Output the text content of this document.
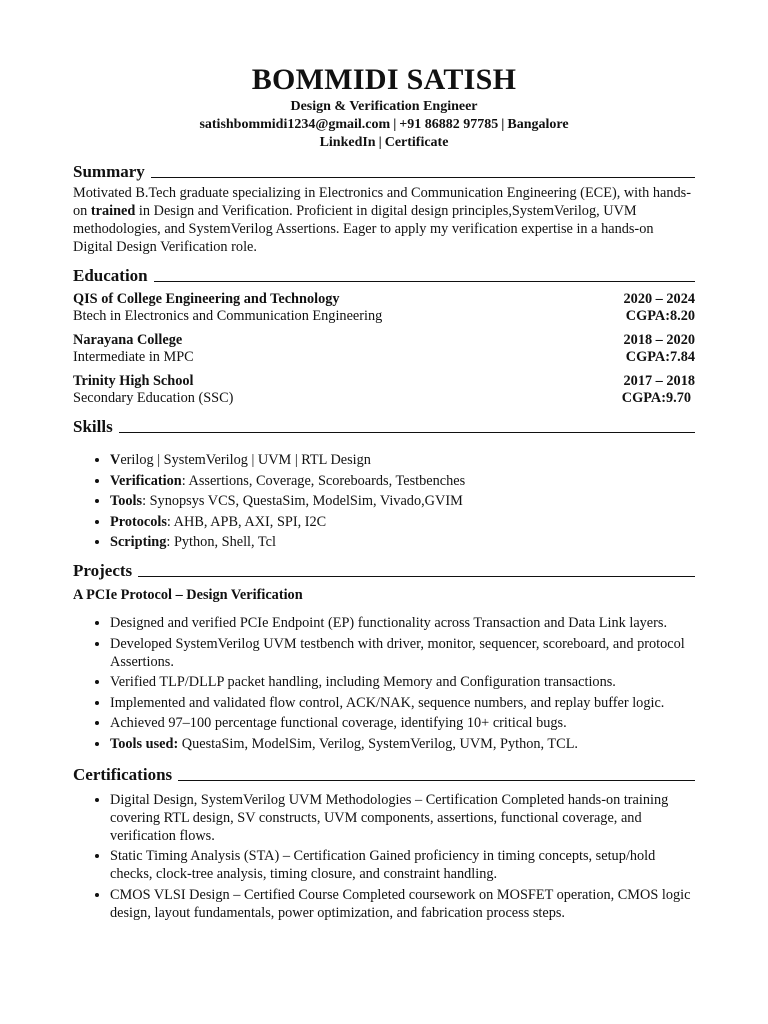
BOMMIDI SATISH
Design & Verification Engineer
satishbommidi1234@gmail.com | +91 86882 97785 | Bangalore
LinkedIn | Certificate
Summary
Motivated B.Tech graduate specializing in Electronics and Communication Engineering (ECE), with hands-on trained in Design and Verification. Proficient in digital design principles,SystemVerilog, UVM methodologies, and SystemVerilog Assertions. Eager to apply my verification expertise in a hands-on Digital Design Verification role.
Education
QIS of College Engineering and Technology	2020 – 2024
Btech in Electronics and Communication Engineering	CGPA:8.20
Narayana College	2018 – 2020
Intermediate in MPC	CGPA:7.84
Trinity High School	2017 – 2018
Secondary Education (SSC)	CGPA:9.70
Skills
• Verilog | SystemVerilog | UVM | RTL Design
• Verification: Assertions, Coverage, Scoreboards, Testbenches
• Tools: Synopsys VCS, QuestaSim, ModelSim, Vivado,GVIM
• Protocols: AHB, APB, AXI, SPI, I2C
• Scripting: Python, Shell, Tcl
Projects
A PCIe Protocol – Design Verification
• Designed and verified PCIe Endpoint (EP) functionality across Transaction and Data Link layers.
• Developed SystemVerilog UVM testbench with driver, monitor, sequencer, scoreboard, and protocol Assertions.
• Verified TLP/DLLP packet handling, including Memory and Configuration transactions.
• Implemented and validated flow control, ACK/NAK, sequence numbers, and replay buffer logic.
• Achieved 97–100 percentage functional coverage, identifying 10+ critical bugs.
• Tools used: QuestaSim, ModelSim, Verilog, SystemVerilog, UVM, Python, TCL.
Certifications
• Digital Design, SystemVerilog UVM Methodologies – Certification Completed hands-on training covering RTL design, SV constructs, UVM components, assertions, functional coverage, and verification flows.
• Static Timing Analysis (STA) – Certification Gained proficiency in timing concepts, setup/hold checks, clock-tree analysis, timing closure, and constraint handling.
• CMOS VLSI Design – Certified Course Completed coursework on MOSFET operation, CMOS logic design, layout fundamentals, power optimization, and fabrication process steps.
